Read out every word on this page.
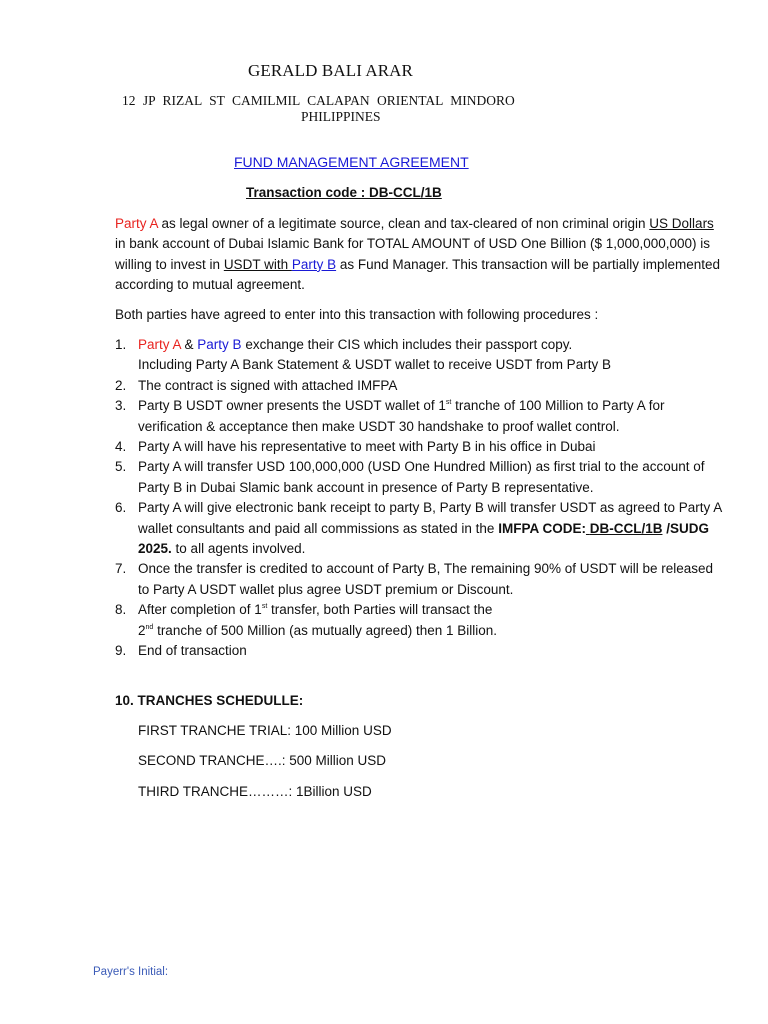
GERALD BALI ARAR
12 JP RIZAL ST CAMILMIL CALAPAN ORIENTAL MINDORO
PHILIPPINES
FUND MANAGEMENT AGREEMENT
Transaction code : DB-CCL/1B
Party A as legal owner of a legitimate source, clean and tax-cleared of non criminal origin US Dollars in bank account of Dubai Islamic Bank for TOTAL AMOUNT of USD One Billion ($ 1,000,000,000) is willing to invest in USDT with Party B as Fund Manager. This transaction will be partially implemented according to mutual agreement.
Both parties have agreed to enter into this transaction with following procedures :
1. Party A & Party B exchange their CIS which includes their passport copy.
Including Party A Bank Statement & USDT wallet to receive USDT from Party B
2. The contract is signed with attached IMFPA
3. Party B USDT owner presents the USDT wallet of 1st tranche of 100 Million to Party A for verification & acceptance then make USDT 30 handshake to proof wallet control.
4. Party A will have his representative to meet with Party B in his office in Dubai
5. Party A will transfer USD 100,000,000 (USD One Hundred Million) as first trial to the account of Party B in Dubai Slamic bank account in presence of Party B representative.
6. Party A will give electronic bank receipt to party B, Party B will transfer USDT as agreed to Party A wallet consultants and paid all commissions as stated in the IMFPA CODE: DB-CCL/1B /SUDG 2025. to all agents involved.
7. Once the transfer is credited to account of Party B, The remaining 90% of USDT will be released to Party A USDT wallet plus agree USDT premium or Discount.
8. After completion of 1st transfer, both Parties will transact the
2nd tranche of 500 Million (as mutually agreed) then 1 Billion.
9. End of transaction
10. TRANCHES SCHEDULLE:
FIRST TRANCHE TRIAL: 100 Million USD
SECOND TRANCHE….: 500 Million USD
THIRD TRANCHE………: 1Billion USD
Payerr's Initial:
